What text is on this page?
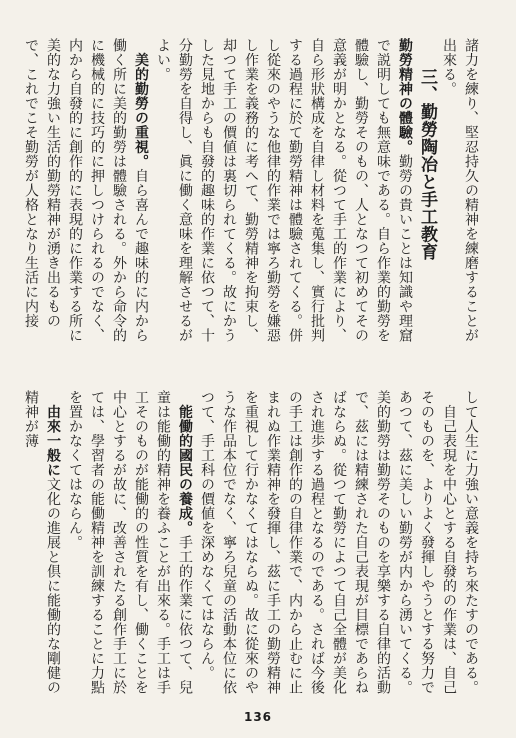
諸力を練り、堅忍持久の精神を練磨することが出來る。

三、勤勞陶冶と手工教育

勤勞精神の體驗。勤勞の貴いことは知識や理窟で説明しても無意味である。自ら作業的勤勞を體驗し、勤勞そのもの、人となつて初めてその意義が明かとなる。從つて手工的作業により、自ら形狀構成を自律し材料を蒐集し、實行批判する過程に於て勤勞精神は體驗されてくる。併し從來のやうな他律的作業では寧ろ勤勞を嫌惡し作業を義務的に考へて、勤勞精神を拘束し、却つて手工の價値は裏切られてくる。故にかうした見地からも自發的趣味的作業に依つて、十分勤勞を自得し、眞に働く意味を理解させるがよい。

　美的勤勞の重視。自ら喜んで趣味的に内から働く所に美的勤勞は體驗される。外から命令的に機械的に技巧的に押しつけられるのでなく、内から自發的に創作的に表現的に作業する所に美的な力強い生活的勤勞精神が湧き出るもので、これでこそ勤勞が人格となり生活に内接

して人生に力強い意義を持ち來たすのである。

　自己表現を中心とする自發的の作業は、自己そのものを、よりよく發揮しやうとする努力であつて、茲に美しい勤勞が内から湧いてくる。美的勤勞は勤勞そのものを享樂する自律的活動で、茲には精練された自己表現が目標であらねばならぬ。從つて勤勞によつて自己全體が美化され進歩する過程となるのである。されば今後の手工は創作的の自律作業で、内から止むに止まれぬ作業精神を發揮し、茲に手工の勤勞精神を重視して行かなくてはならぬ。故に從來のやうな作品本位でなく、寧ろ兒童の活動本位に依つて、手工科の價値を深めなくてはならん。

　能働的國民の養成。手工的作業に依つて、兒童は能働的精神を養ふことが出來る。手工は手工そのものが能働的の性質を有し、働くことを中心とするが故に、改善されたる創作手工に於ては、學習者の能働精神を訓練することに力點を置かなくてはならん。

　由來一般に文化の進展と倶に能働的な剛健の精神が薄

136
